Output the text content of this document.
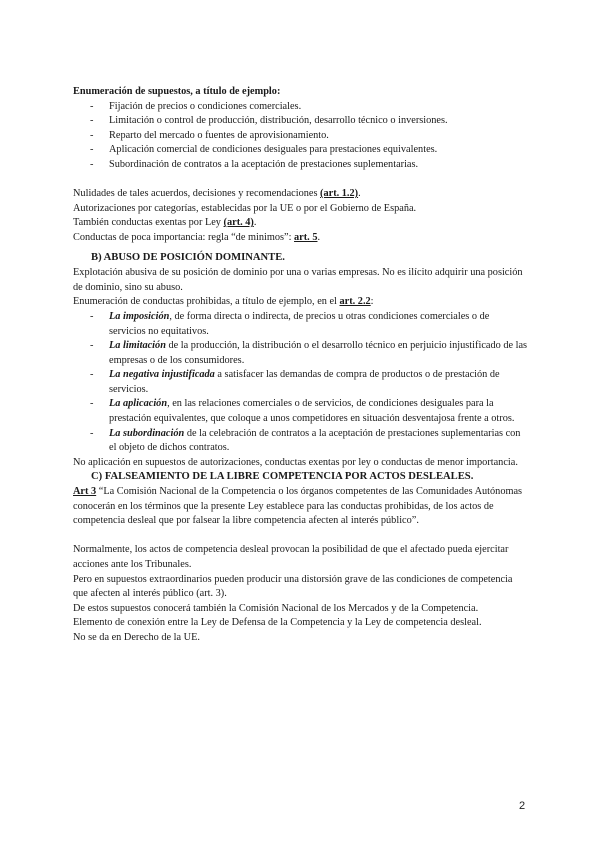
Enumeración de supuestos, a título de ejemplo:

- Fijación de precios o condiciones comerciales.
- Limitación o control de producción, distribución, desarrollo técnico o inversiones.
- Reparto del mercado o fuentes de aprovisionamiento.
- Aplicación comercial de condiciones desiguales para prestaciones equivalentes.
- Subordinación de contratos a la aceptación de prestaciones suplementarias.

Nulidades de tales acuerdos, decisiones y recomendaciones (art. 1.2).

Autorizaciones por categorías, establecidas por la UE o por el Gobierno de España.

También conductas exentas por Ley (art. 4).

Conductas de poca importancia: regla “de minimos”: art. 5.

B) ABUSO DE POSICIÓN DOMINANTE.

Explotación abusiva de su posición de dominio por una o varias empresas. No es ilícito adquirir una posición de dominio, sino su abuso.

Enumeración de conductas prohibidas, a título de ejemplo, en el art. 2.2:

- La imposición, de forma directa o indirecta, de precios u otras condiciones comerciales o de servicios no equitativos.
- La limitación de la producción, la distribución o el desarrollo técnico en perjuicio injustificado de las empresas o de los consumidores.
- La negativa injustificada a satisfacer las demandas de compra de productos o de prestación de servicios.
- La aplicación, en las relaciones comerciales o de servicios, de condiciones desiguales para la prestación equivalentes, que coloque a unos competidores en situación desventajosa frente a otros.
- La subordinación de la celebración de contratos a la aceptación de prestaciones suplementarias con el objeto de dichos contratos.

No aplicación en supuestos de autorizaciones, conductas exentas por ley o conductas de menor importancia.

C) FALSEAMIENTO DE LA LIBRE COMPETENCIA POR ACTOS DESLEALES.

Art 3 “La Comisión Nacional de la Competencia o los órganos competentes de las Comunidades Autónomas conocerán en los términos que la presente Ley establece para las conductas prohibidas, de los actos de competencia desleal que por falsear la libre competencia afecten al interés público”.

Normalmente, los actos de competencia desleal provocan la posibilidad de que el afectado pueda ejercitar acciones ante los Tribunales.

Pero en supuestos extraordinarios pueden producir una distorsión grave de las condiciones de competencia que afecten al interés público (art. 3).

De estos supuestos conocerá también la Comisión Nacional de los Mercados y de la Competencia.

Elemento de conexión entre la Ley de Defensa de la Competencia y la Ley de competencia desleal.

No se da en Derecho de la UE.

2
